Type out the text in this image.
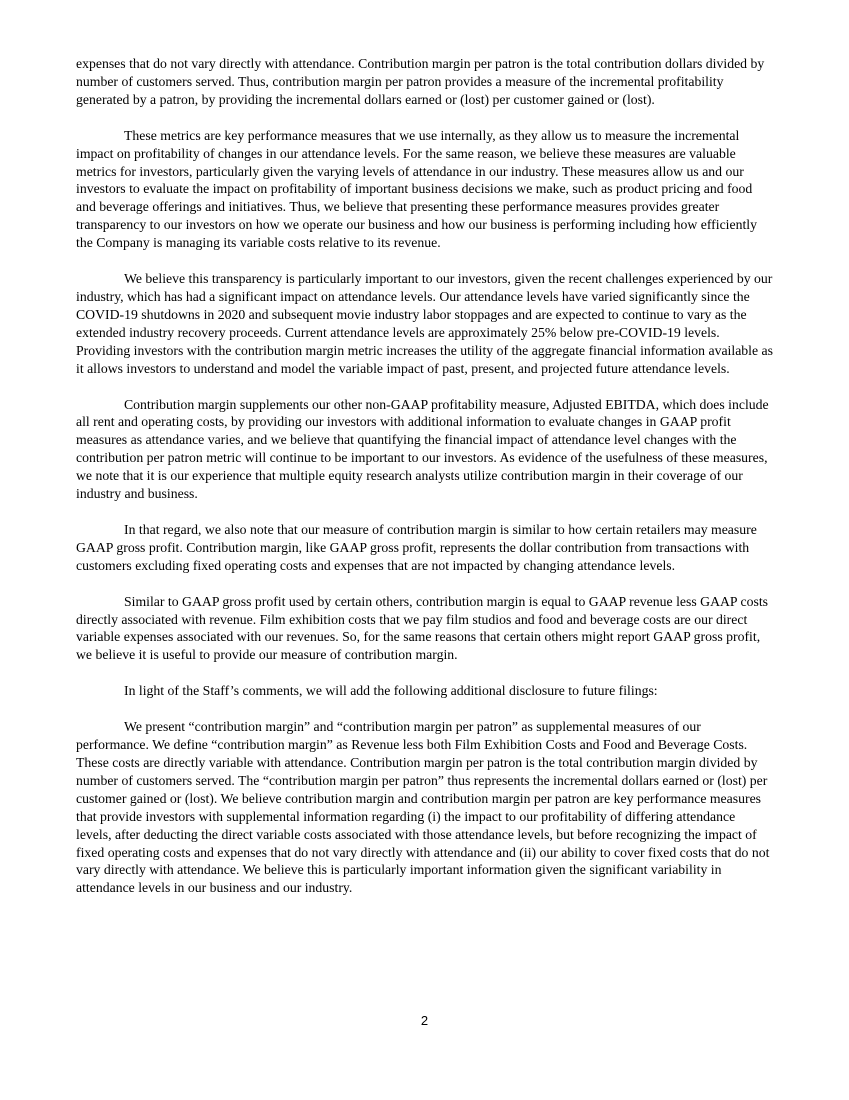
expenses that do not vary directly with attendance. Contribution margin per patron is the total contribution dollars divided by number of customers served. Thus, contribution margin per patron provides a measure of the incremental profitability generated by a patron, by providing the incremental dollars earned or (lost) per customer gained or (lost).

These metrics are key performance measures that we use internally, as they allow us to measure the incremental impact on profitability of changes in our attendance levels. For the same reason, we believe these measures are valuable metrics for investors, particularly given the varying levels of attendance in our industry. These measures allow us and our investors to evaluate the impact on profitability of important business decisions we make, such as product pricing and food and beverage offerings and initiatives. Thus, we believe that presenting these performance measures provides greater transparency to our investors on how we operate our business and how our business is performing including how efficiently the Company is managing its variable costs relative to its revenue.

We believe this transparency is particularly important to our investors, given the recent challenges experienced by our industry, which has had a significant impact on attendance levels. Our attendance levels have varied significantly since the COVID-19 shutdowns in 2020 and subsequent movie industry labor stoppages and are expected to continue to vary as the extended industry recovery proceeds. Current attendance levels are approximately 25% below pre-COVID-19 levels. Providing investors with the contribution margin metric increases the utility of the aggregate financial information available as it allows investors to understand and model the variable impact of past, present, and projected future attendance levels.

Contribution margin supplements our other non-GAAP profitability measure, Adjusted EBITDA, which does include all rent and operating costs, by providing our investors with additional information to evaluate changes in GAAP profit measures as attendance varies, and we believe that quantifying the financial impact of attendance level changes with the contribution per patron metric will continue to be important to our investors. As evidence of the usefulness of these measures, we note that it is our experience that multiple equity research analysts utilize contribution margin in their coverage of our industry and business.

In that regard, we also note that our measure of contribution margin is similar to how certain retailers may measure GAAP gross profit. Contribution margin, like GAAP gross profit, represents the dollar contribution from transactions with customers excluding fixed operating costs and expenses that are not impacted by changing attendance levels.

Similar to GAAP gross profit used by certain others, contribution margin is equal to GAAP revenue less GAAP costs directly associated with revenue. Film exhibition costs that we pay film studios and food and beverage costs are our direct variable expenses associated with our revenues. So, for the same reasons that certain others might report GAAP gross profit, we believe it is useful to provide our measure of contribution margin.

In light of the Staff’s comments, we will add the following additional disclosure to future filings:

We present “contribution margin” and “contribution margin per patron” as supplemental measures of our performance. We define “contribution margin” as Revenue less both Film Exhibition Costs and Food and Beverage Costs. These costs are directly variable with attendance. Contribution margin per patron is the total contribution margin divided by number of customers served. The “contribution margin per patron” thus represents the incremental dollars earned or (lost) per customer gained or (lost). We believe contribution margin and contribution margin per patron are key performance measures that provide investors with supplemental information regarding (i) the impact to our profitability of differing attendance levels, after deducting the direct variable costs associated with those attendance levels, but before recognizing the impact of fixed operating costs and expenses that do not vary directly with attendance and (ii) our ability to cover fixed costs that do not vary directly with attendance. We believe this is particularly important information given the significant variability in attendance levels in our business and our industry.

2
